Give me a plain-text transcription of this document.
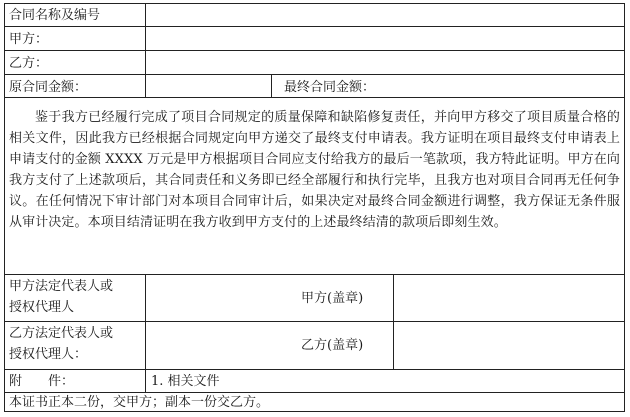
合同名称及编号
甲方：
乙方：
原合同金额：	最终合同金额：
鉴于我方已经履行完成了项目合同规定的质量保障和缺陷修复责任，并向甲方移交了项目质量合格的相关文件，因此我方已经根据合同规定向甲方递交了最终支付申请表。我方证明在项目最终支付申请表上申请支付的金额 XXXX 万元是甲方根据项目合同应支付给我方的最后一笔款项，我方特此证明。甲方在向我方支付了上述款项后，其合同责任和义务即已经全部履行和执行完毕，且我方也对项目合同再无任何争议。在任何情况下审计部门对本项目合同审计后，如果决定对最终合同金额进行调整，我方保证无条件服从审计决定。本项目结清证明在我方收到甲方支付的上述最终结清的款项后即刻生效。
甲方法定代表人或
授权代理人
甲方(盖章)
乙方法定代表人或
授权代理人：
乙方(盖章)
附　　件：	1. 相关文件
本证书正本二份，交甲方；副本一份交乙方。
